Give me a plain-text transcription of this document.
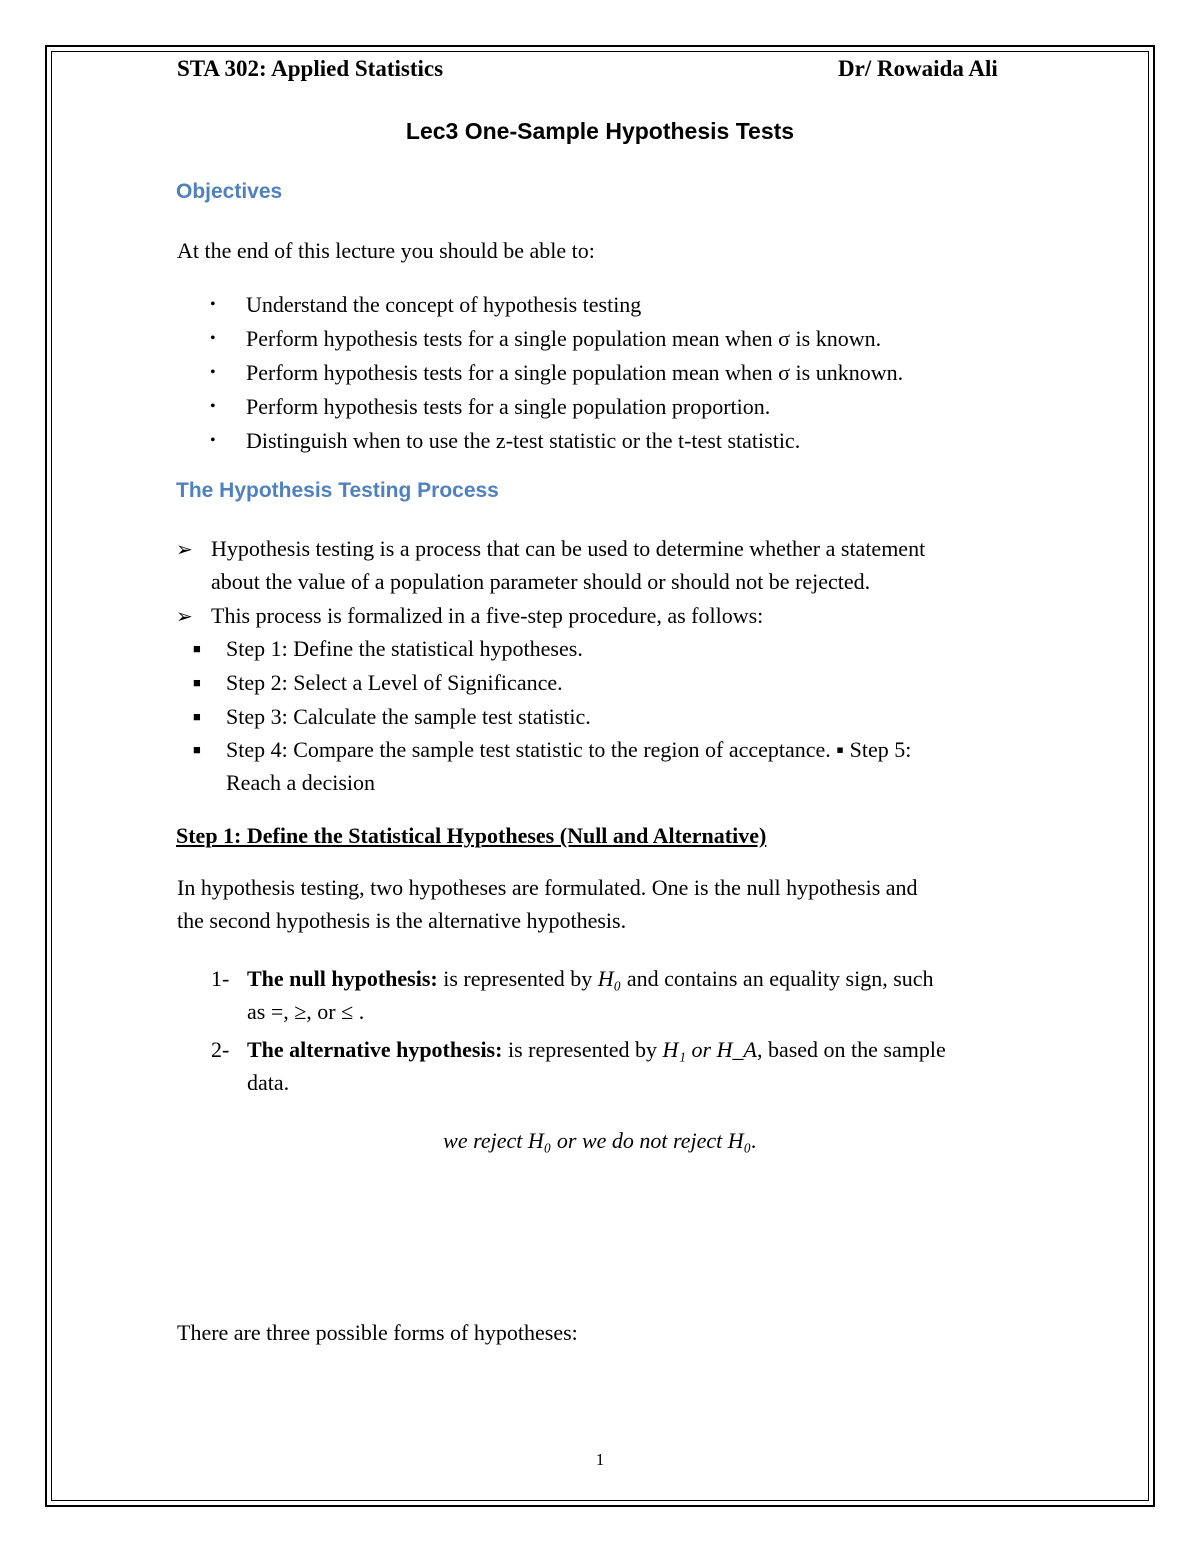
STA 302: Applied Statistics	Dr/ Rowaida Ali
Lec3 One-Sample Hypothesis Tests
Objectives
At the end of this lecture you should be able to:
• Understand the concept of hypothesis testing
• Perform hypothesis tests for a single population mean when σ is known.
• Perform hypothesis tests for a single population mean when σ is unknown.
• Perform hypothesis tests for a single population proportion.
• Distinguish when to use the z-test statistic or the t-test statistic.
The Hypothesis Testing Process
➢ Hypothesis testing is a process that can be used to determine whether a statement
about the value of a population parameter should or should not be rejected.
➢ This process is formalized in a five-step procedure, as follows:
■ Step 1: Define the statistical hypotheses.
■ Step 2: Select a Level of Significance.
■ Step 3: Calculate the sample test statistic.
■ Step 4: Compare the sample test statistic to the region of acceptance. ▪ Step 5:
Reach a decision
Step 1: Define the Statistical Hypotheses (Null and Alternative)
In hypothesis testing, two hypotheses are formulated. One is the null hypothesis and
the second hypothesis is the alternative hypothesis.
1- The null hypothesis: is represented by H₀ and contains an equality sign, such
as =, ≥, or ≤ .
2- The alternative hypothesis: is represented by H₁ or H_A, based on the sample
data.
we reject H₀ or we do not reject H₀.
There are three possible forms of hypotheses:
1
